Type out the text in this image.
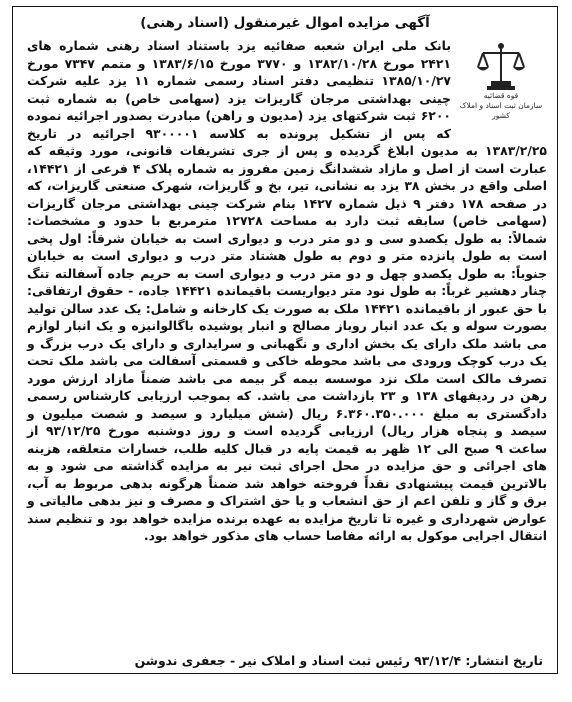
آگهی مزایده اموال غیرمنقول (اسناد رهنی)
قوه قضائیه
سازمان ثبت اسناد و املاک کشور
بانک ملی ایران شعبه صفائیه یزد باستناد اسناد رهنی شماره های ۲۴۲۱ مورخ ۱۳۸۲/۱۰/۲۸ و ۳۷۷۰ مورخ ۱۳۸۳/۶/۱۵ و متمم ۷۳۴۷ مورخ ۱۳۸۵/۱۰/۲۷ تنظیمی دفتر اسناد رسمی شماره ۱۱ یزد علیه شرکت چینی بهداشتی مرجان گاریزات یزد (سهامی خاص) به شماره ثبت ۶۲۰۰ ثبت شرکتهای یزد (مدیون و راهن) مبادرت بصدور اجرائیه نموده که پس از تشکیل پرونده به کلاسه ۹۳۰۰۰۰۱ اجرائیه در تاریخ ۱۳۸۳/۲/۲۵ به مدیون ابلاغ گردیده و پس از جری تشریفات قانونی، مورد وثیقه که عبارت است از اصل و مازاد ششدانگ زمین مفروز به شماره پلاک ۴ فرعی از ۱۴۴۲۱، اصلی واقع در بخش ۳۸ یزد به نشانی، تیر، بخ و گاریزات، شهرک صنعتی گاریزات، که در صفحه ۱۷۸ دفتر ۹ ذیل شماره ۱۴۲۷ بنام شرکت چینی بهداشتی مرجان گاریزات (سهامی خاص) سابقه ثبت دارد به مساحت ۱۲۷۲۸ مترمربع با حدود و مشخصات: شمالاً: به طول یکصدو سی و دو متر درب و دیواری است به خیابان شرقاً: اول پخی است به طول پانزده متر و دوم به طول هشتاد متر درب و دیواری است به خیابان جنوباً: به طول یکصدو چهل و دو متر درب و دیواری است به حریم جاده آسفالته تنگ چنار دهشیر غرباً: به طول نود متر دیواریست باقیمانده ۱۴۴۲۱ جاده، - حقوق ارتفاقی: با حق عبور از باقیمانده ۱۴۴۲۱ ملک به صورت یک کارخانه و شامل: یک عدد سالن تولید بصورت سوله و یک عدد انبار روباز مصالح و انبار پوشیده باگالوانیزه و یک انبار لوازم می باشد ملک دارای یک بخش اداری و نگهبانی و سرایداری و دارای یک درب بزرگ و یک درب کوچک ورودی می باشد محوطه خاکی و قسمتی آسفالت می باشد ملک تحت تصرف مالک است ملک نزد موسسه بیمه گر بیمه می باشد ضمناً مازاد ارزش مورد رهن در ردیفهای ۱۳۸ و ۲۳ بازداشت می باشد. که بموجب ارزیابی کارشناس رسمی دادگستری به مبلغ ۶.۳۶۰.۳۵۰.۰۰۰ ریال (شش میلیارد و سیصد و شصت میلیون و سیصد و پنجاه هزار ریال) ارزیابی گردیده است و روز دوشنبه مورخ ۹۳/۱۲/۲۵ از ساعت ۹ صبح الی ۱۲ ظهر به قیمت پایه در قبال کلیه طلب، خسارات متعلقه، هزینه های اجرائی و حق مزایده در محل اجرای ثبت نیر به مزایده گذاشته می شود و به بالاترین قیمت پیشنهادی نقداً فروخته خواهد شد ضمناً هرگونه بدهی مربوط به آب، برق و گاز و تلفن اعم از حق انشعاب و یا حق اشتراک و مصرف و نیز بدهی مالیاتی و عوارض شهرداری و غیره تا تاریخ مزایده به عهده برنده مزایده خواهد بود و تنظیم سند انتقال اجرایی موکول به ارائه مفاصا حساب های مذکور خواهد بود.
تاریخ انتشار: ۹۳/۱۲/۴ رئیس ثبت اسناد و املاک نیر - جعفری ندوشن
